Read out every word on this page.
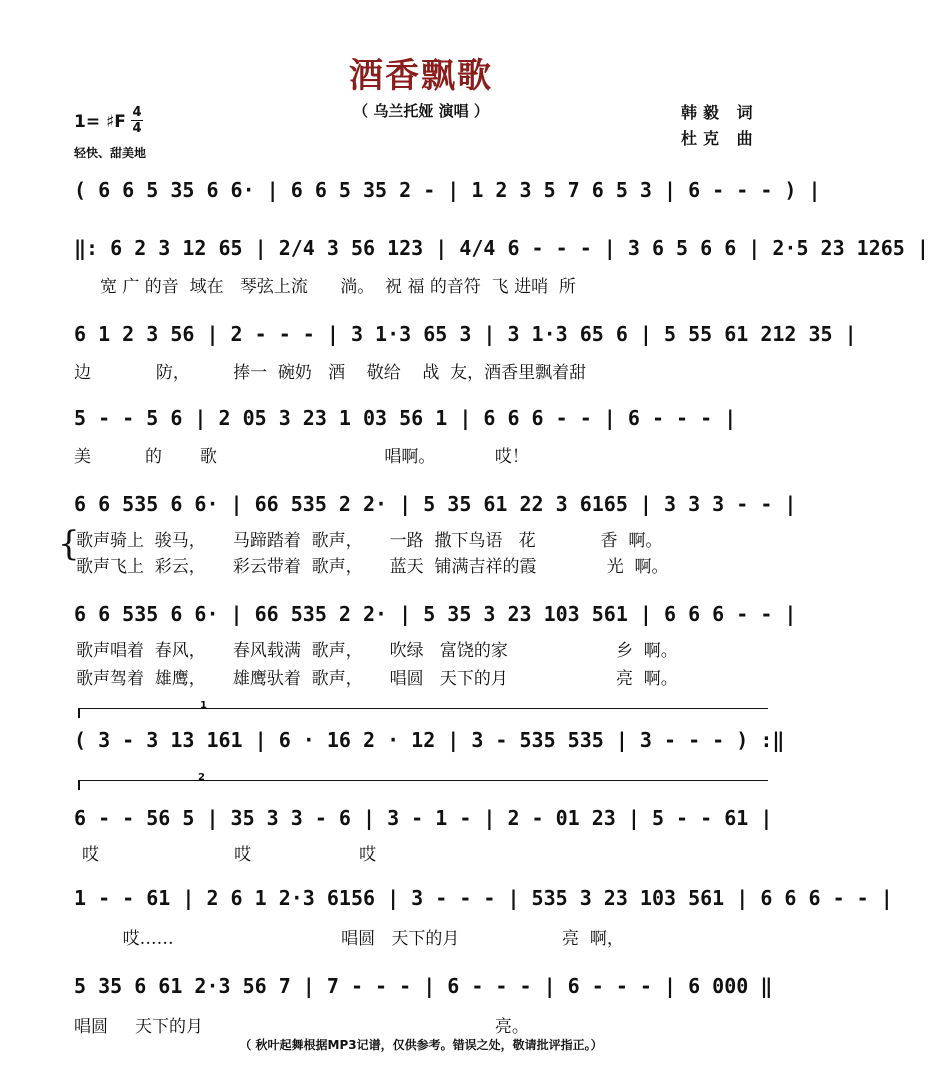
酒香飘歌
（ 乌兰托娅 演唱 ）
1= ♯F 4
4
轻快、甜美地
韩毅 词
杜克 曲
( 6 6 5 35 6 6· | 6 6 5 35 2 - | 1 2 3 5 7 6 5 3 | 6 - - - ) |
‖: 6 2 3 12 65 | 2/4 3 56 123 | 4/4 6 - - - | 3 6 5 6 6 | 2·5 23 1265 |
宽 广 的音  域在   琴弦上流      淌。  祝 福 的音符  飞 进哨  所
6 1 2 3 56 | 2 - - - | 3 1·3 65 3 | 3 1·3 65 6 | 5 55 61 212 35 |
边            防，        捧一  碗奶   酒    敬给    战  友，酒香里飘着甜
5 - - 5 6 | 2 05 3 23 1 03 56 1 | 6 6 6 - - | 6 - - - |
美          的       歌                               唱啊。           哎！
6 6 535 6 6· | 66 535 2 2· | 5 35 61 22 3 6165 | 3 3 3 - - |
{
歌声骑上  骏马，     马蹄踏着  歌声，     一路  撒下鸟语   花            香  啊。
歌声飞上  彩云，     彩云带着  歌声，     蓝天  铺满吉祥的霞             光  啊。
6 6 535 6 6· | 66 535 2 2· | 5 35 3 23 103 561 | 6 6 6 - - |
歌声唱着  春风，     春风载满  歌声，     吹绿   富饶的家                    乡  啊。
歌声驾着  雄鹰，     雄鹰驮着  歌声，     唱圆   天下的月                    亮  啊。
1
( 3 - 3 13 161 | 6 · 16 2 · 12 | 3 - 535 535 | 3 - - - ) :‖
2
6 - - 56 5 | 35 3 3 - 6 | 3 - 1 - | 2 - 01 23 | 5 - - 61 |
哎                         哎                    哎
1 - - 61 | 2 6 1 2·3 6156 | 3 - - - | 535 3 23 103 561 | 6 6 6 - - |
哎……                               唱圆   天下的月                   亮  啊，
5 35 6 61 2·3 56 7 | 7 - - - | 6 - - - | 6 - - - | 6 000 ‖
唱圆     天下的月                                                      亮。
（ 秋叶起舞根据MP3记谱，仅供参考。错误之处，敬请批评指正。）
